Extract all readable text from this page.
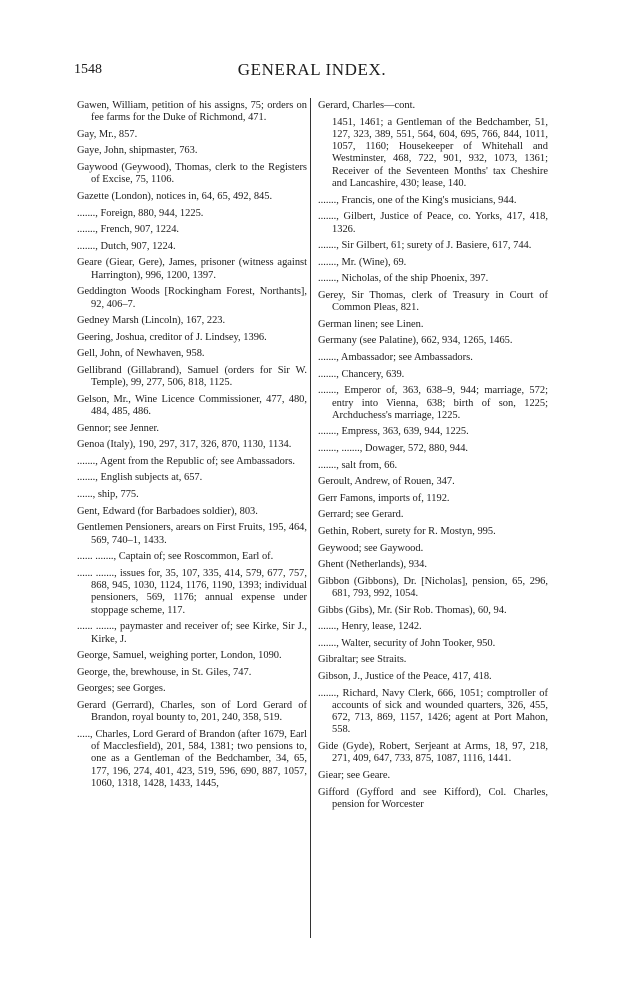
1548	GENERAL INDEX.

Gawen, William, petition of his assigns, 75; orders on fee farms for the Duke of Richmond, 471.

Gay, Mr., 857.

Gaye, John, shipmaster, 763.

Gaywood (Geywood), Thomas, clerk to the Registers of Excise, 75, 1106.

Gazette (London), notices in, 64, 65, 492, 845.

......., Foreign, 880, 944, 1225.

......., French, 907, 1224.

......., Dutch, 907, 1224.

Geare (Giear, Gere), James, prisoner (witness against Harrington), 996, 1200, 1397.

Geddington Woods [Rockingham Forest, Northants], 92, 406–7.

Gedney Marsh (Lincoln), 167, 223.

Geering, Joshua, creditor of J. Lindsey, 1396.

Gell, John, of Newhaven, 958.

Gellibrand (Gillabrand), Samuel (orders for Sir W. Temple), 99, 277, 506, 818, 1125.

Gelson, Mr., Wine Licence Commissioner, 477, 480, 484, 485, 486.

Gennor; see Jenner.

Genoa (Italy), 190, 297, 317, 326, 870, 1130, 1134.

......., Agent from the Republic of; see Ambassadors.

......., English subjects at, 657.

......, ship, 775.

Gent, Edward (for Barbadoes soldier), 803.

Gentlemen Pensioners, arears on First Fruits, 195, 464, 569, 740–1, 1433.

...... ......., Captain of; see Roscommon, Earl of.

...... ......., issues for, 35, 107, 335, 414, 579, 677, 757, 868, 945, 1030, 1124, 1176, 1190, 1393; individual pensioners, 569, 1176; annual expense under stoppage scheme, 117.

...... ......., paymaster and receiver of; see Kirke, Sir J., Kirke, J.

George, Samuel, weighing porter, London, 1090.

George, the, brewhouse, in St. Giles, 747.

Georges; see Gorges.

Gerard (Gerrard), Charles, son of Lord Gerard of Brandon, royal bounty to, 201, 240, 358, 519.

....., Charles, Lord Gerard of Brandon (after 1679, Earl of Macclesfield), 201, 584, 1381; two pensions to, one as a Gentleman of the Bedchamber, 34, 65, 177, 196, 274, 401, 423, 519, 596, 690, 887, 1057, 1060, 1318, 1428, 1433, 1445,

Gerard, Charles—cont.

1451, 1461; a Gentleman of the Bedchamber, 51, 127, 323, 389, 551, 564, 604, 695, 766, 844, 1011, 1057, 1160; Housekeeper of Whitehall and Westminster, 468, 722, 901, 932, 1073, 1361; Receiver of the Seventeen Months' tax Cheshire and Lancashire, 430; lease, 140.

......., Francis, one of the King's musicians, 944.

......., Gilbert, Justice of Peace, co. Yorks, 417, 418, 1326.

......., Sir Gilbert, 61; surety of J. Basiere, 617, 744.

......., Mr. (Wine), 69.

......., Nicholas, of the ship Phoenix, 397.

Gerey, Sir Thomas, clerk of Treasury in Court of Common Pleas, 821.

German linen; see Linen.

Germany (see Palatine), 662, 934, 1265, 1465.

......., Ambassador; see Ambassadors.

......., Chancery, 639.

......., Emperor of, 363, 638–9, 944; marriage, 572; entry into Vienna, 638; birth of son, 1225; Archduchess's marriage, 1225.

......., Empress, 363, 639, 944, 1225.

......., ......., Dowager, 572, 880, 944.

......., salt from, 66.

Geroult, Andrew, of Rouen, 347.

Gerr Famons, imports of, 1192.

Gerrard; see Gerard.

Gethin, Robert, surety for R. Mostyn, 995.

Geywood; see Gaywood.

Ghent (Netherlands), 934.

Gibbon (Gibbons), Dr. [Nicholas], pension, 65, 296, 681, 793, 992, 1054.

Gibbs (Gibs), Mr. (Sir Rob. Thomas), 60, 94.

......., Henry, lease, 1242.

......., Walter, security of John Tooker, 950.

Gibraltar; see Straits.

Gibson, J., Justice of the Peace, 417, 418.

......., Richard, Navy Clerk, 666, 1051; comptroller of accounts of sick and wounded quarters, 326, 455, 672, 713, 869, 1157, 1426; agent at Port Mahon, 558.

Gide (Gyde), Robert, Serjeant at Arms, 18, 97, 218, 271, 409, 647, 733, 875, 1087, 1116, 1441.

Giear; see Geare.

Gifford (Gyfford and see Kifford), Col. Charles, pension for Worcester
